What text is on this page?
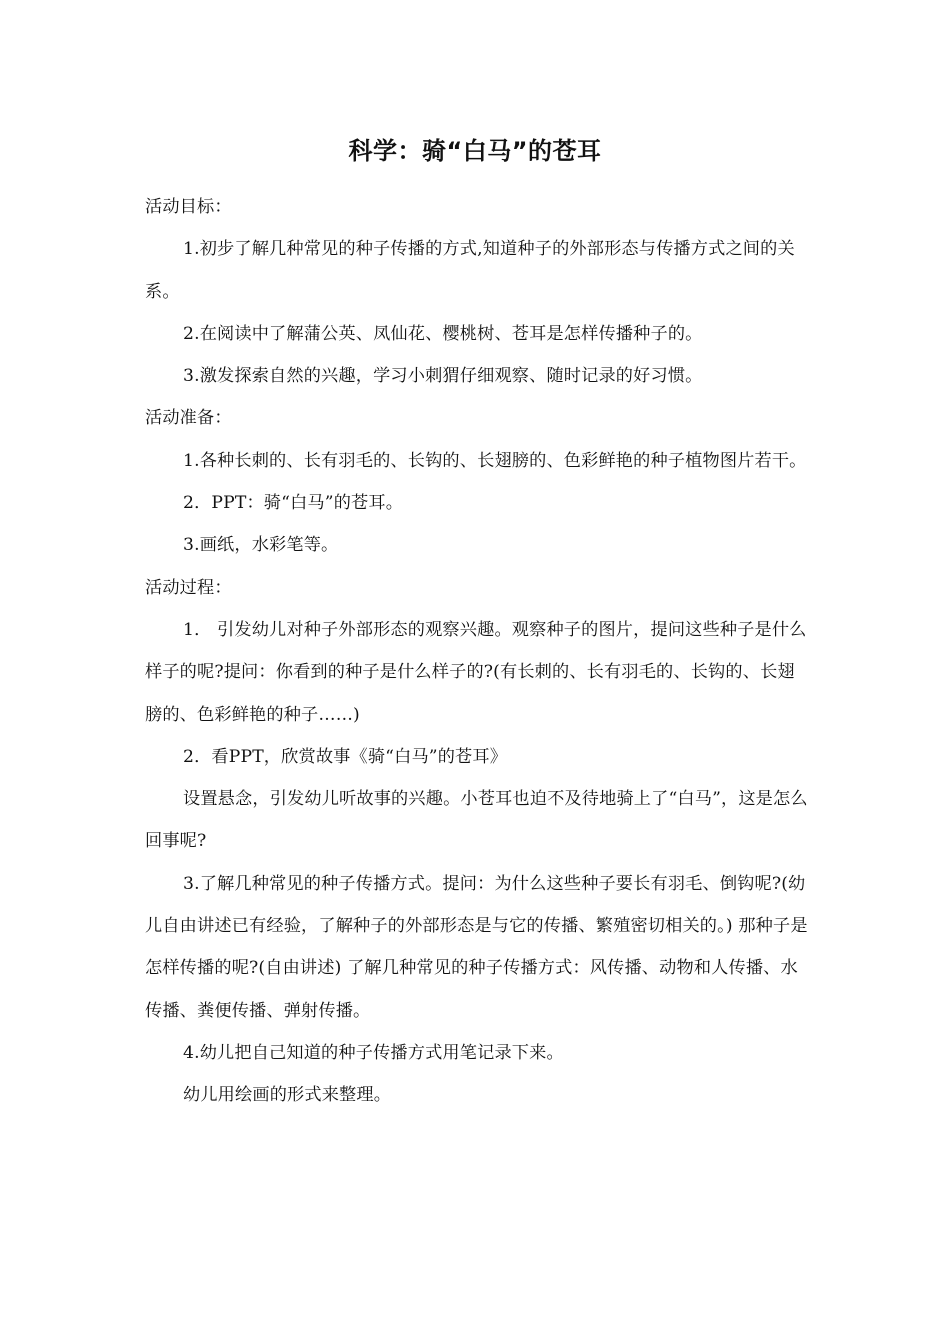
科学：骑“白马”的苍耳

活动目标：

1.初步了解几种常见的种子传播的方式,知道种子的外部形态与传播方式之间的关系。

2.在阅读中了解蒲公英、凤仙花、樱桃树、苍耳是怎样传播种子的。

3.激发探索自然的兴趣，学习小刺猬仔细观察、随时记录的好习惯。

活动准备：

1.各种长刺的、长有羽毛的、长钩的、长翅膀的、色彩鲜艳的种子植物图片若干。

2．PPT：骑“白马”的苍耳。

3.画纸，水彩笔等。

活动过程：

1． 引发幼儿对种子外部形态的观察兴趣。观察种子的图片，提问这些种子是什么样子的呢?提问：你看到的种子是什么样子的?(有长刺的、长有羽毛的、长钩的、长翅膀的、色彩鲜艳的种子……)

2．看PPT，欣赏故事《骑“白马”的苍耳》

设置悬念，引发幼儿听故事的兴趣。小苍耳也迫不及待地骑上了“白马”，这是怎么回事呢?

3.了解几种常见的种子传播方式。提问：为什么这些种子要长有羽毛、倒钩呢?(幼儿自由讲述已有经验，了解种子的外部形态是与它的传播、繁殖密切相关的。) 那种子是怎样传播的呢?(自由讲述) 了解几种常见的种子传播方式：风传播、动物和人传播、水传播、粪便传播、弹射传播。

4.幼儿把自己知道的种子传播方式用笔记录下来。

幼儿用绘画的形式来整理。
